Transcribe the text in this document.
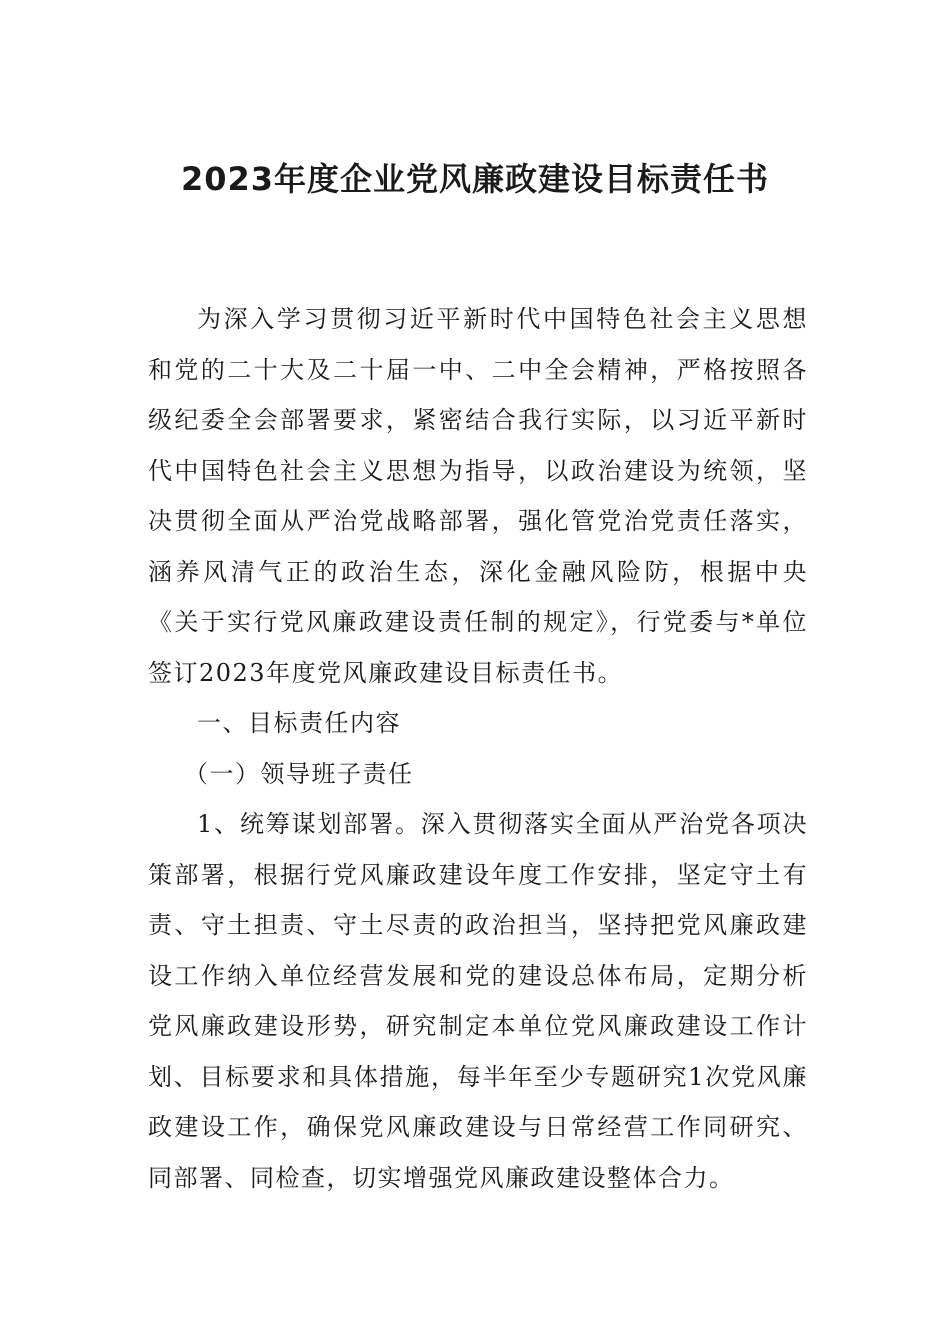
2023年度企业党风廉政建设目标责任书

为深入学习贯彻习近平新时代中国特色社会主义思想和党的二十大及二十届一中、二中全会精神，严格按照各级纪委全会部署要求，紧密结合我行实际，以习近平新时代中国特色社会主义思想为指导，以政治建设为统领，坚决贯彻全面从严治党战略部署，强化管党治党责任落实，涵养风清气正的政治生态，深化金融风险防，根据中央《关于实行党风廉政建设责任制的规定》，行党委与*单位签订2023年度党风廉政建设目标责任书。

一、目标责任内容

（一）领导班子责任

1、统筹谋划部署。深入贯彻落实全面从严治党各项决策部署，根据行党风廉政建设年度工作安排，坚定守土有责、守土担责、守土尽责的政治担当，坚持把党风廉政建设工作纳入单位经营发展和党的建设总体布局，定期分析党风廉政建设形势，研究制定本单位党风廉政建设工作计划、目标要求和具体措施，每半年至少专题研究1次党风廉政建设工作，确保党风廉政建设与日常经营工作同研究、同部署、同检查，切实增强党风廉政建设整体合力。
